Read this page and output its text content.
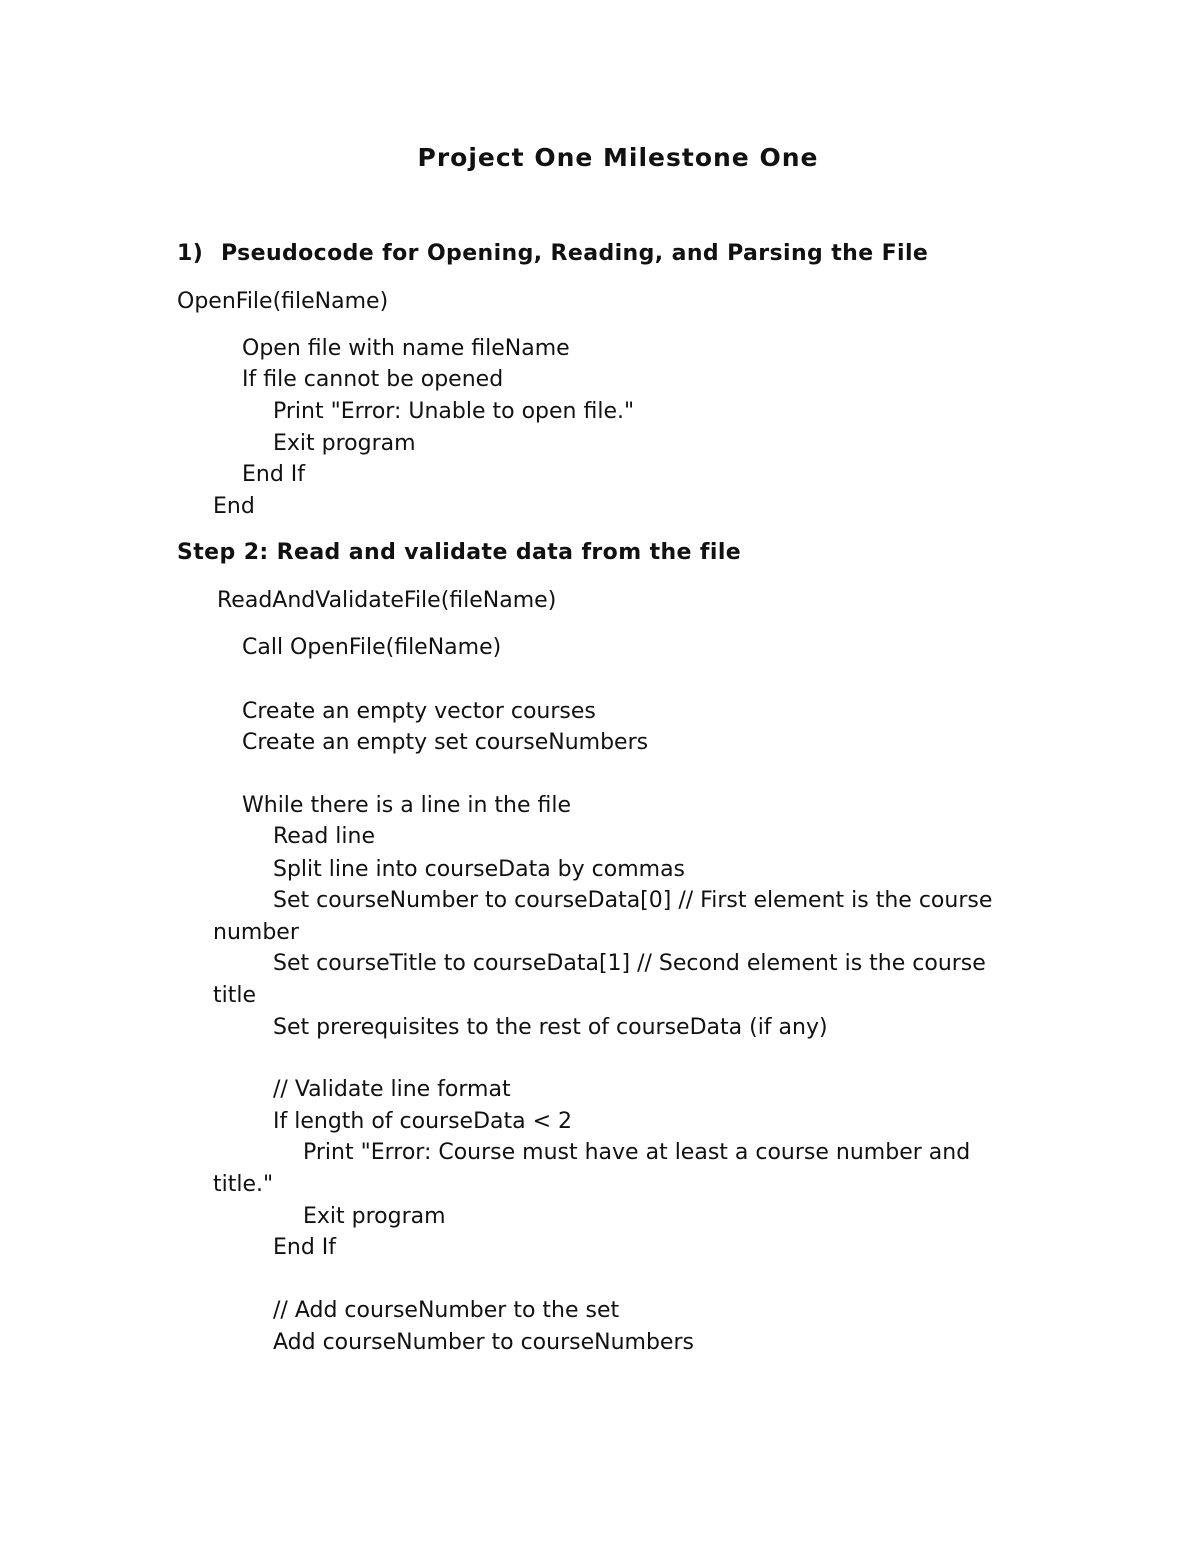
Project One Milestone One

1) Pseudocode for Opening, Reading, and Parsing the File

OpenFile(fileName)

Open file with name fileName

If file cannot be opened

Print "Error: Unable to open file."

Exit program

End If

End

Step 2: Read and validate data from the file

ReadAndValidateFile(fileName)

Call OpenFile(fileName)

Create an empty vector courses

Create an empty set courseNumbers

While there is a line in the file

Read line

Split line into courseData by commas

Set courseNumber to courseData[0] // First element is the course

number

Set courseTitle to courseData[1] // Second element is the course

title

Set prerequisites to the rest of courseData (if any)

// Validate line format

If length of courseData < 2

Print "Error: Course must have at least a course number and

title."

Exit program

End If

// Add courseNumber to the set

Add courseNumber to courseNumbers
